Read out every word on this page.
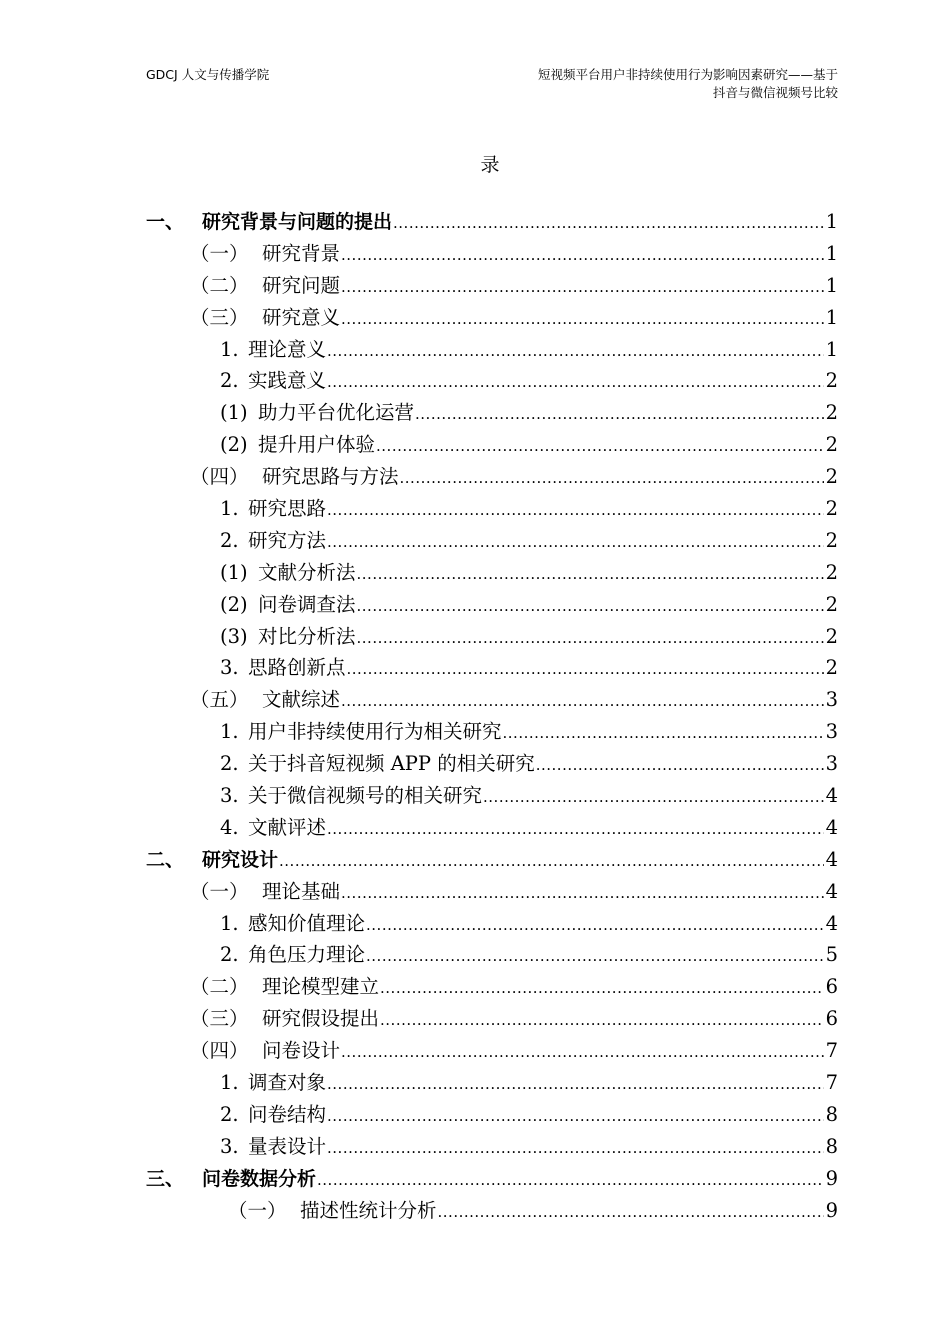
GDCJ 人文与传播学院	短视频平台用户非持续使用行为影响因素研究——基于
抖音与微信视频号比较
录
一、 研究背景与问题的提出 .....	1
（一） 研究背景 .....	1
（二） 研究问题 .....	1
（三） 研究意义 .....	1
1. 理论意义 .....	1
2. 实践意义 .....	2
(1) 助力平台优化运营 .....	2
(2) 提升用户体验 .....	2
（四） 研究思路与方法 .....	2
1. 研究思路 .....	2
2. 研究方法 .....	2
(1) 文献分析法 .....	2
(2) 问卷调查法 .....	2
(3) 对比分析法 .....	2
3. 思路创新点 .....	2
（五） 文献综述 .....	3
1. 用户非持续使用行为相关研究 .....	3
2. 关于抖音短视频 APP 的相关研究 .....	3
3. 关于微信视频号的相关研究 .....	4
4. 文献评述 .....	4
二、 研究设计 .....	4
（一） 理论基础 .....	4
1. 感知价值理论 .....	4
2. 角色压力理论 .....	5
（二） 理论模型建立 .....	6
（三） 研究假设提出 .....	6
（四） 问卷设计 .....	7
1. 调查对象 .....	7
2. 问卷结构 .....	8
3. 量表设计 .....	8
三、 问卷数据分析 .....	9
（一） 描述性统计分析 .....	9
